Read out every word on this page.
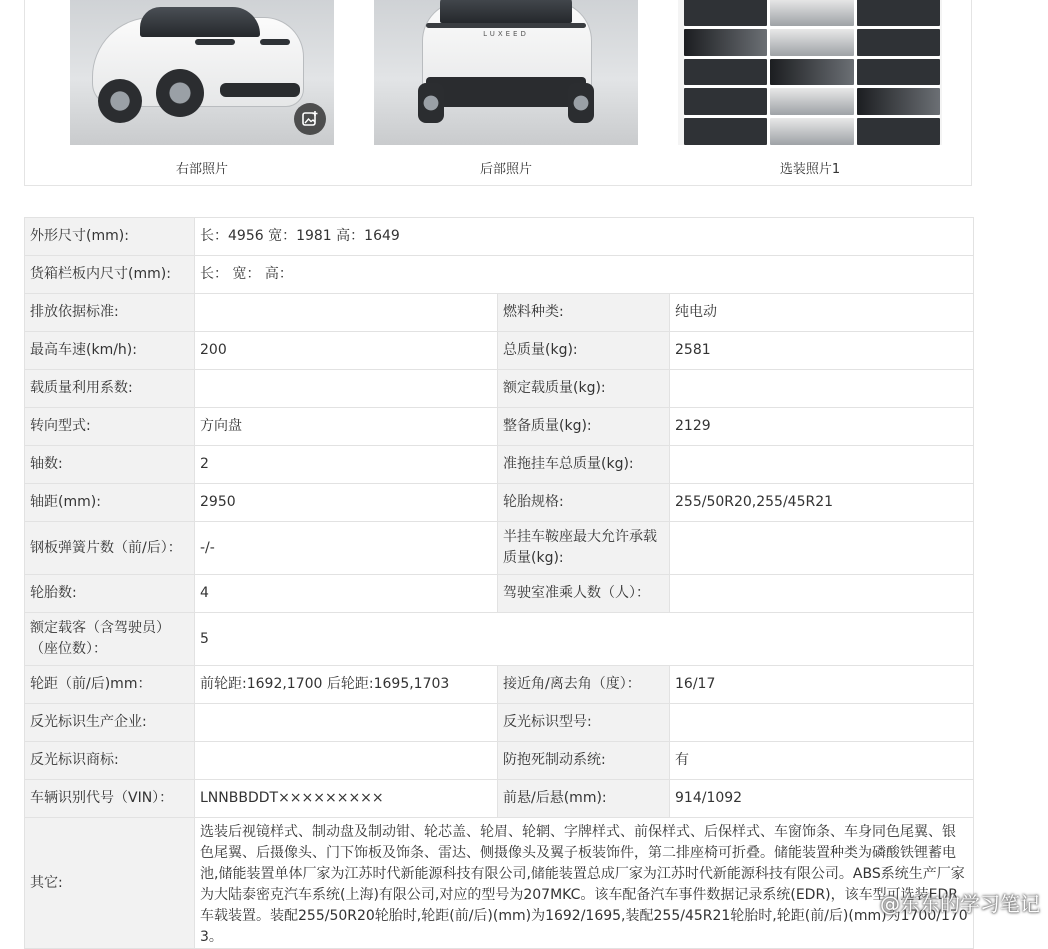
右部照片
LUXEED
后部照片	选装照片1
外形尺寸(mm):	长：4956 宽：1981 高：1649		
货箱栏板内尺寸(mm):	长： 宽： 高：		
排放依据标准:		燃料种类:	纯电动
最高车速(km/h):	200	总质量(kg):	2581
载质量利用系数:		额定载质量(kg):	
转向型式:	方向盘	整备质量(kg):	2129
轴数:	2	准拖挂车总质量(kg):	
轴距(mm):	2950	轮胎规格:	255/50R20,255/45R21
钢板弹簧片数（前/后）：	-/-	半挂车鞍座最大允许承载质量(kg):	
轮胎数:	4	驾驶室准乘人数（人）：	
额定载客（含驾驶员）（座位数）：	5		
轮距（前/后)mm：	前轮距:1692,1700 后轮距:1695,1703	接近角/离去角（度）：	16/17
反光标识生产企业:		反光标识型号:	
反光标识商标:		防抱死制动系统:	有
车辆识别代号（VIN）：	LNNBBDDT×××××××××	前悬/后悬(mm):	914/1092
其它:	选装后视镜样式、制动盘及制动钳、轮芯盖、轮眉、轮辋、字牌样式、前保样式、后保样式、车窗饰条、车身同色尾翼、银色尾翼、后摄像头、门下饰板及饰条、雷达、侧摄像头及翼子板装饰件，第二排座椅可折叠。储能装置种类为磷酸铁锂蓄电池,储能装置单体厂家为江苏时代新能源科技有限公司,储能装置总成厂家为江苏时代新能源科技有限公司。ABS系统生产厂家为大陆泰密克汽车系统(上海)有限公司,对应的型号为207MKC。该车配备汽车事件数据记录系统(EDR)，该车型可选装EDR车载装置。装配255/50R20轮胎时,轮距(前/后)(mm)为1692/1695,装配255/45R21轮胎时,轮距(前/后)(mm)为1700/1703。		
@东东的学习笔记
